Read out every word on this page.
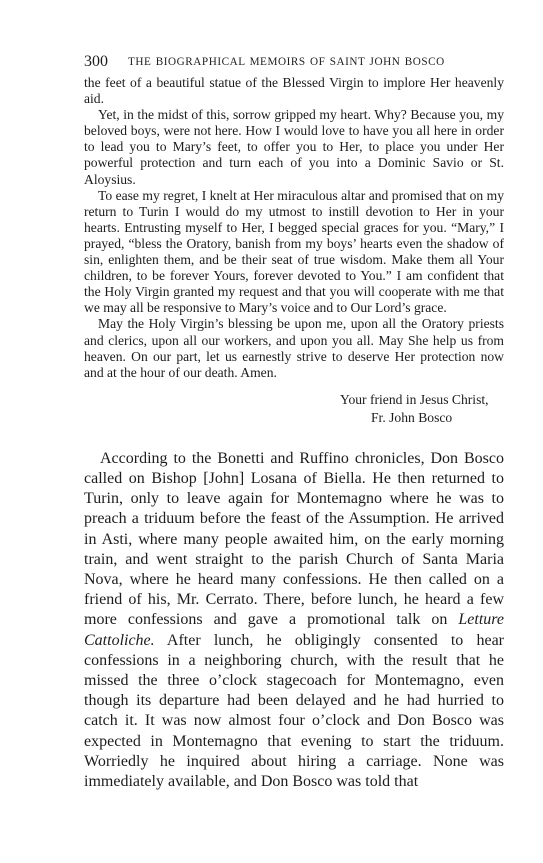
300 THE BIOGRAPHICAL MEMOIRS OF SAINT JOHN BOSCO

the feet of a beautiful statue of the Blessed Virgin to implore Her heavenly aid.

Yet, in the midst of this, sorrow gripped my heart. Why? Because you, my beloved boys, were not here. How I would love to have you all here in order to lead you to Mary’s feet, to offer you to Her, to place you under Her powerful protection and turn each of you into a Dominic Savio or St. Aloysius.

To ease my regret, I knelt at Her miraculous altar and promised that on my return to Turin I would do my utmost to instill devotion to Her in your hearts. Entrusting myself to Her, I begged special graces for you. “Mary,” I prayed, “bless the Oratory, banish from my boys’ hearts even the shadow of sin, enlighten them, and be their seat of true wisdom. Make them all Your children, to be forever Yours, forever devoted to You.” I am confident that the Holy Virgin granted my request and that you will cooperate with me that we may all be responsive to Mary’s voice and to Our Lord’s grace.

May the Holy Virgin’s blessing be upon me, upon all the Oratory priests and clerics, upon all our workers, and upon you all. May She help us from heaven. On our part, let us earnestly strive to deserve Her protection now and at the hour of our death. Amen.

Your friend in Jesus Christ,
Fr. John Bosco

According to the Bonetti and Ruffino chronicles, Don Bosco called on Bishop [John] Losana of Biella. He then returned to Turin, only to leave again for Montemagno where he was to preach a triduum before the feast of the Assumption. He arrived in Asti, where many people awaited him, on the early morning train, and went straight to the parish Church of Santa Maria Nova, where he heard many confessions. He then called on a friend of his, Mr. Cerrato. There, before lunch, he heard a few more confessions and gave a promotional talk on Letture Cattoliche. After lunch, he obligingly consented to hear confessions in a neighboring church, with the result that he missed the three o’clock stagecoach for Montemagno, even though its departure had been delayed and he had hurried to catch it. It was now almost four o’clock and Don Bosco was expected in Montemagno that evening to start the triduum. Worriedly he inquired about hiring a carriage. None was immediately available, and Don Bosco was told that
